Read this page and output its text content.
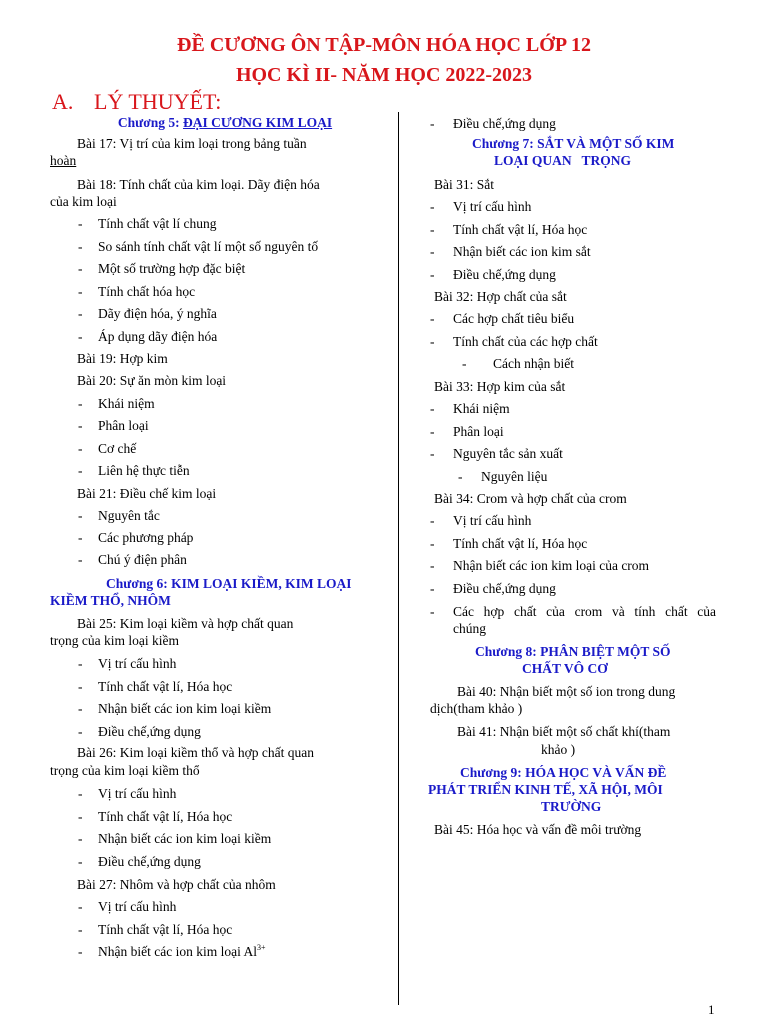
ĐỀ CƯƠNG ÔN TẬP-MÔN HÓA HỌC LỚP 12
HỌC KÌ II- NĂM HỌC 2022-2023
A. LÝ THUYẾT:
Chương 5: ĐẠI CƯƠNG KIM LOẠI
Bài 17: Vị trí của kim loại trong bảng tuần
hoàn
Bài 18: Tính chất của kim loại. Dãy điện hóa
của kim loại
- Tính chất vật lí chung
- So sánh tính chất vật lí một số nguyên tố
- Một số trường hợp đặc biệt
- Tính chất hóa học
- Dãy điện hóa, ý nghĩa
- Áp dụng dãy điện hóa
Bài 19: Hợp kim
Bài 20: Sự ăn mòn kim loại
- Khái niệm
- Phân loại
- Cơ chế
- Liên hệ thực tiễn
Bài 21: Điều chế kim loại
- Nguyên tắc
- Các phương pháp
- Chú ý điện phân
Chương 6: KIM LOẠI KIỀM, KIM LOẠI
KIỀM THỔ, NHÔM
Bài 25: Kim loại kiềm và hợp chất quan
trọng của kim loại kiềm
- Vị trí cấu hình
- Tính chất vật lí, Hóa học
- Nhận biết các ion kim loại kiềm
- Điều chế,ứng dụng
Bài 26: Kim loại kiềm thổ và hợp chất quan
trọng của kim loại kiềm thổ
- Vị trí cấu hình
- Tính chất vật lí, Hóa học
- Nhận biết các ion kim loại kiềm
- Điều chế,ứng dụng
Bài 27: Nhôm và hợp chất của nhôm
- Vị trí cấu hình
- Tính chất vật lí, Hóa học
- Nhận biết các ion kim loại $Al^{3+}$
- Điều chế,ứng dụng
Chương 7: SẮT VÀ MỘT SỐ KIM
LOẠI QUAN   TRỌNG
Bài 31: Sắt
- Vị trí cấu hình
- Tính chất vật lí, Hóa học
- Nhận biết các ion kim sắt
- Điều chế,ứng dụng
Bài 32: Hợp chất của sắt
- Các hợp chất tiêu biểu
- Tính chất của các hợp chất
- Cách nhận biết
Bài 33: Hợp kim của sắt
- Khái niệm
- Phân loại
- Nguyên tắc sản xuất
- Nguyên liệu
Bài 34: Crom và hợp chất của crom
- Vị trí cấu hình
- Tính chất vật lí, Hóa học
- Nhận biết các ion kim loại của crom
- Điều chế,ứng dụng
- Các hợp chất của crom và tính chất của
chúng
Chương 8: PHÂN BIỆT MỘT SỐ
CHẤT VÔ CƠ
Bài 40: Nhận biết một số ion trong dung
dịch(tham khảo )
Bài 41: Nhận biết một số chất khí(tham
khảo )
Chương 9: HÓA HỌC VÀ VẤN ĐỀ
PHÁT TRIỂN KINH TẾ, XÃ HỘI, MÔI
TRƯỜNG
Bài 45: Hóa học và vấn đề môi trường
1
